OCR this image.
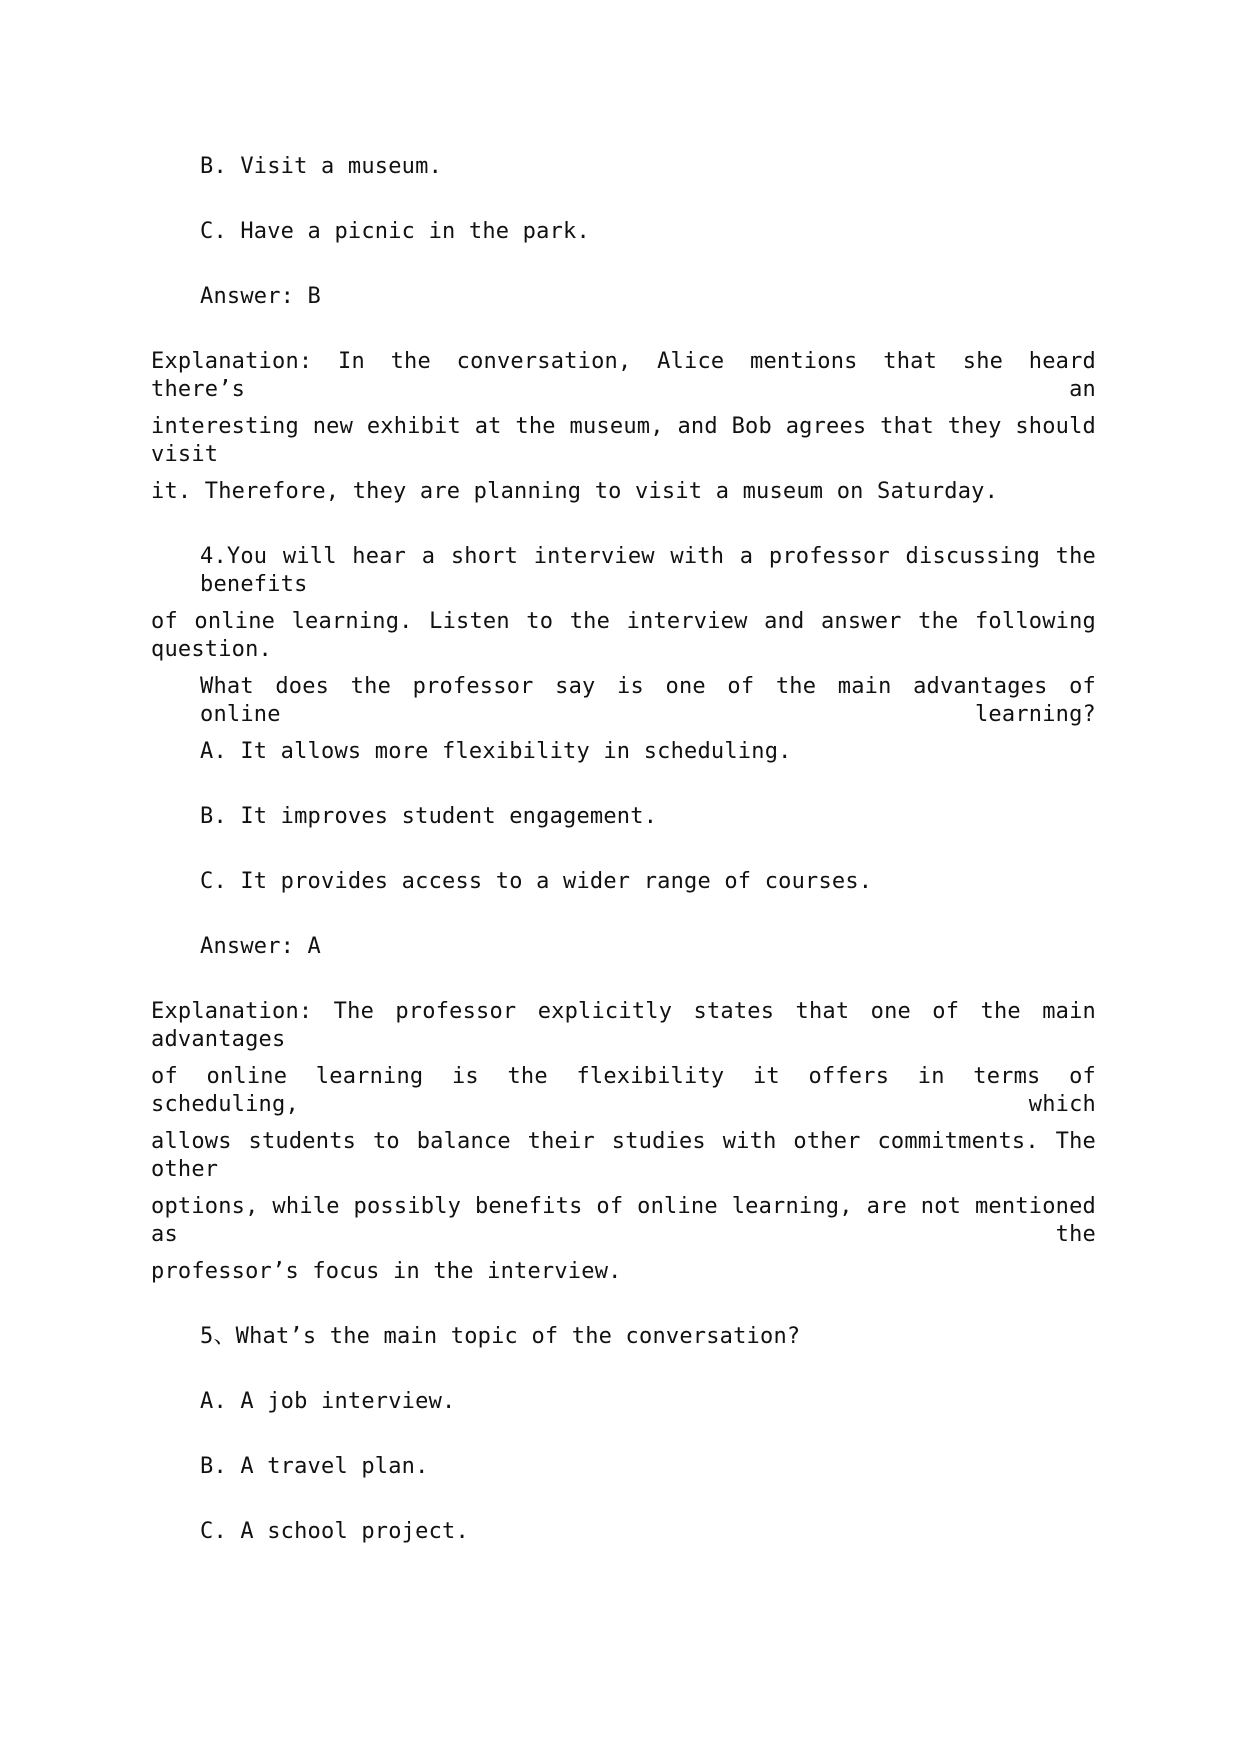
B. Visit a museum.

C. Have a picnic in the park.

Answer: B

Explanation: In the conversation, Alice mentions that she heard there’s an

interesting new exhibit at the museum, and Bob agrees that they should visit

it. Therefore, they are planning to visit a museum on Saturday.

4.You will hear a short interview with a professor discussing the benefits

of online learning. Listen to the interview and answer the following question.

What does the professor say is one of the main advantages of online learning?

A. It allows more flexibility in scheduling.

B. It improves student engagement.

C. It provides access to a wider range of courses.

Answer: A

Explanation: The professor explicitly states that one of the main advantages

of online learning is the flexibility it offers in terms of scheduling, which

allows students to balance their studies with other commitments. The other

options, while possibly benefits of online learning, are not mentioned as the

professor’s focus in the interview.

5、What’s the main topic of the conversation?

A. A job interview.

B. A travel plan.

C. A school project.
